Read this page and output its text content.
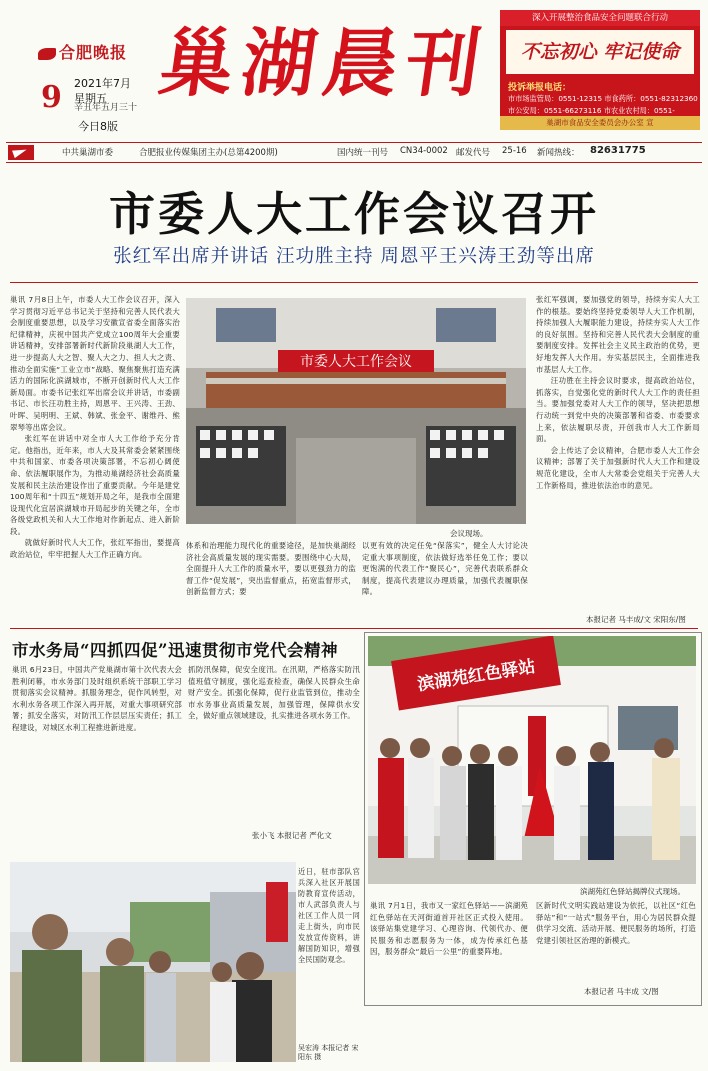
合肥晚报
9 2021年7月
星期五
辛丑年五月三十
今日8版
巢湖晨刊
深入开展整治食品安全问题联合行动
不忘初心 牢记使命
投诉举报电话：
市市场监管局：0551-12315 市食药所：0551-82312360
市公安局：0551-66273116 市农业农村局：0551-
巢湖市食品安全委员会办公室 宣
中共巢湖市委	合肥报业传媒集团主办(总第4200期)	国内统一刊号 CN34-0002 邮发代号 25-16 新闻热线： 82631775
市委人大工作会议召开
张红军出席并讲话 汪功胜主持 周恩平王兴涛王劲等出席
巢讯 7月8日上午，市委人大工作会议召开，深入学习贯彻习近平总书记关于坚持和完善人民代表大会制度重要思想，以及学习安徽宣省委全面落实治纪律精神，庆祝中国共产党成立100周年大会重要讲话精神，安排部署新时代新阶段巢湖人大工作，进一步提高人大之智、聚人大之力、担人大之责、推动全面实施“工业立市”战略、聚焦聚焦打造充满活力的国际化滨湖城市，不断开创新时代人大工作新局面。市委书记张红军出席会议并讲话，市委副书记、市长汪功胜主持，周恩平、王兴涛、王劲、叶晖、吴明明、王斌、韩斌、张金平、谢维丹、熊翠琴等出席会议。
张红军在讲话中对全市人大工作给予充分肯定。他指出，近年来，市人大及其常委会紧紧围绕中共和国家、市委各项决策部署，不忘初心阔使命、依法履职展作为，为推动巢湖经济社会高质量发展和民主法治建设作出了重要贡献。今年是建党100周年和“十四五”规划开局之年，是我市全面建设现代化宜居滨湖城市开局起步的关键之年，全市各级党政机关和人大工作地对作新起点、进入新阶段。
就做好新时代人大工作，张红军指出，要提高政治站位，牢牢把握人大工作正确方向。
市委人大工作会议
会议现场。
张红军强调，要加强党的领导，持续夯实人大工作的根基。要始终坚持党委领导人大工作机制，持续加强人大履职能力建设，持续夯实人大工作的良好氛围。坚持和完善人民代表大会制度的重要制度安排。发挥社会主义民主政治的优势，更好地发挥人大作用。夯实基层民主，全面推进我市基层人大工作。
汪功胜在主持会议时要求，提高政治站位，抓落实，自觉强化党的新时代人大工作的责任担当。要加强党委对人大工作的领导，坚决把思想行动统一到党中央的决策部署和省委、市委要求上来，依法履职尽责，开创我市人大工作新局面。
会上传达了会议精神，合肥市委人大工作会议精神；部署了关于加强新时代人大工作和建设规范化建设，全市人大常委会党组关于完善人大工作新格局，推进依法治市的意见。
本报记者 马丰成/文 宋阳东/图
体系和治理能力现代化的重要途径，是加快巢湖经济社会高质量发展的现实需要。要围绕中心大局，全面提升人大工作的质量水平，要以更强劲力的监督工作“促发展”，突出监督重点，拓宽监督形式，创新监督方式；要
以更有效的决定任免“保落实”，健全人大讨论决定重大事项制度，依法做好选举任免工作；要以更饱满的代表工作“聚民心”，完善代表联系群众制度，提高代表建议办理质量，加强代表履职保障。
市水务局“四抓四促”迅速贯彻市党代会精神
巢讯 6月23日，中国共产党巢湖市第十次代表大会胜利闭幕，市水务部门及时组织系统干部职工学习贯彻落实会议精神。抓服务理念，促作风转型，对水利水务各项工作深入再开展，对重大事项研究部署；抓安全落实，对防汛工作层层压实责任；抓工程建设，对城区水利工程推进新进度。
抓防汛保障，促安全度汛。在汛期，严格落实防汛值班值守制度，强化巡查检查，确保人民群众生命财产安全。抓强化保障，促行业监管到位，推动全市水务事业高质量发展，加强管理，保障供水安全，做好重点领域建设，扎实推进各项水务工作。
张小飞 本报记者 严化文
近日，驻市部队官兵深入社区开展国防教育宣传活动，市人武部负责人与社区工作人员一同走上街头，向市民发放宣传资料，讲解国防知识，增强全民国防观念。
吴宏涛 本报记者 宋阳东 摄
滨湖苑红色驿站
滨湖苑红色驿站揭牌仪式现场。
巢讯 7月1日，我市又一家红色驿站——滨湖苑红色驿站在天河街道首开社区正式投入使用。该驿站集党建学习、心理咨询、代领代办、便民服务和志愿服务为一体，成为传承红色基因，服务群众“最后一公里”的重要阵地。
区新时代文明实践站建设为依托，以社区“红色驿站”和“一站式”服务平台，用心为居民群众提供学习交流、活动开展、便民服务的场所，打造党建引领社区治理的新模式。
本报记者 马丰成 文/图
